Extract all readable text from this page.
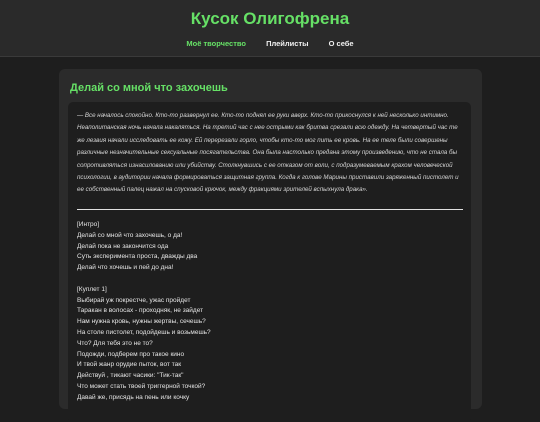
Кусок Олигофрена
Моё творчество	Плейлисты	О себе
Делай со мной что захочешь

— Все началось спокойно. Кто-то развернул ее. Кто-то поднял ее руки вверх. Кто-то прикоснулся к ней несколько интимно. Неаполитанская ночь начала накаляться. На третий час с нее острыми как бритва срезали всю одежду. На четвертый час те же лезвия начали исследовать ее кожу. Ей перерезали горло, чтобы кто-то мог пить ее кровь. На ее теле были совершены различные незначительные сексуальные посягательства. Она была настолько предана этому произведению, что не стала бы сопротивляться изнасилованию или убийству. Столкнувшись с ее отказом от воли, с подразумеваемым крахом человеческой психологии, в аудитории начала формироваться защитная группа. Когда к голове Марины приставили заряженный пистолет и ее собственный палец нажал на спусковой крючок, между фракциями зрителей вспыхнула драка».

[Интро]
Делай со мной что захочешь, о да!
Делай пока не закончится ода
Суть эксперимента проста, дважды два
Делай что хочешь и пей до дна!
[Куплет 1]
Выбирай уж покрестче, ужас пройдет
Таракан в волосах - проходняк, не зайдет
Нам нужна кровь, нужны жертвы, сечешь?
На столе пистолет, подойдешь и возьмешь?
Что? Для тебя это не то?
Подожди, подберем про такое кино
И твой жанр орудие пыток, вот так
Действуй , тикают часики: "Тик-так"
Что может стать твоей триггерной точкой?
Давай же, присядь на пень или кочку
